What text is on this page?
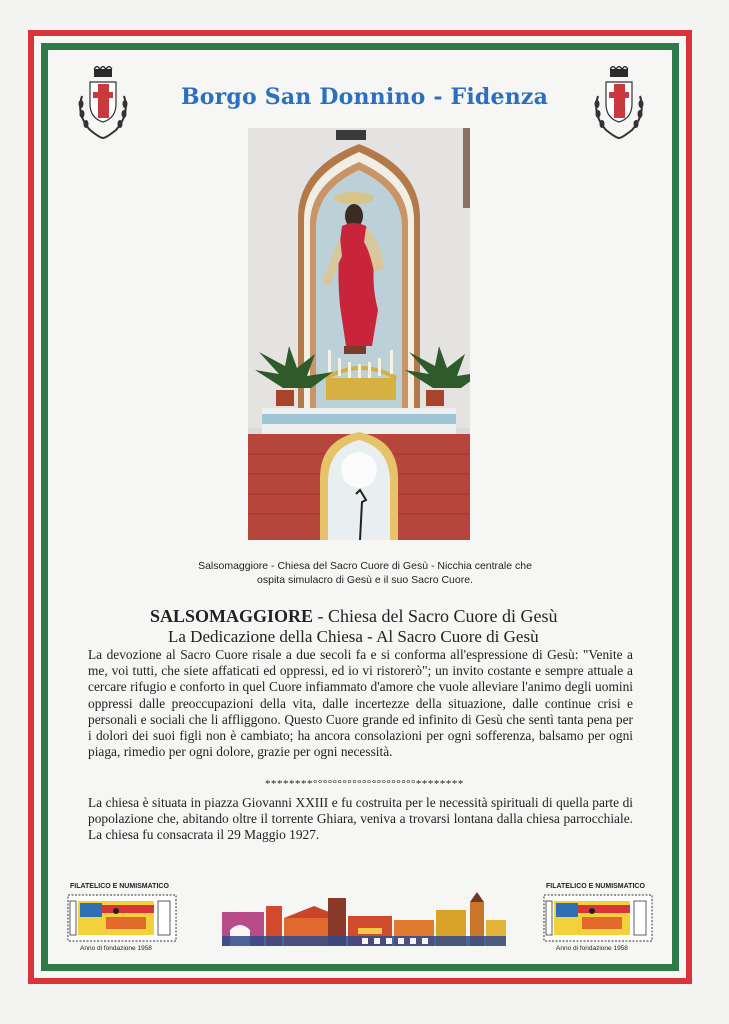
Borgo San Donnino - Fidenza
Salsomaggiore - Chiesa del Sacro Cuore di Gesù - Nicchia centrale che
ospita simulacro di Gesù e il suo Sacro Cuore.
SALSOMAGGIORE - Chiesa del Sacro Cuore di Gesù
La Dedicazione della Chiesa - Al Sacro Cuore di Gesù
La devozione al Sacro Cuore risale a due secoli fa e si conforma all'espressione di Gesù: "Venite a me, voi tutti, che siete affaticati ed oppressi, ed io vi ristorerò"; un invito costante e sempre attuale a cercare rifugio e conforto in quel Cuore infiammato d'amore che vuole alleviare l'animo degli uomini oppressi dalle preoccupazioni della vita, dalle incertezze della situazione, dalle continue crisi e personali e sociali che li affliggono. Questo Cuore grande ed infinito di Gesù che sentì tanta pena per i dolori dei suoi figli non è cambiato; ha ancora consolazioni per ogni sofferenza, balsamo per ogni piaga, rimedio per ogni dolore, grazie per ogni necessità.
********°°°°°°°°°°°°°°°°°°°°°********
La chiesa è situata in piazza Giovanni XXIII e fu costruita per le necessità spirituali di quella parte di popolazione che, abitando oltre il torrente Ghiara, veniva a trovarsi lontana dalla chiesa parrocchiale. La chiesa fu consacrata il 29 Maggio 1927.
FILATELICO E NUMISMATICO
Anno di fondazione 1958
FILATELICO E NUMISMATICO
Anno di fondazione 1958
